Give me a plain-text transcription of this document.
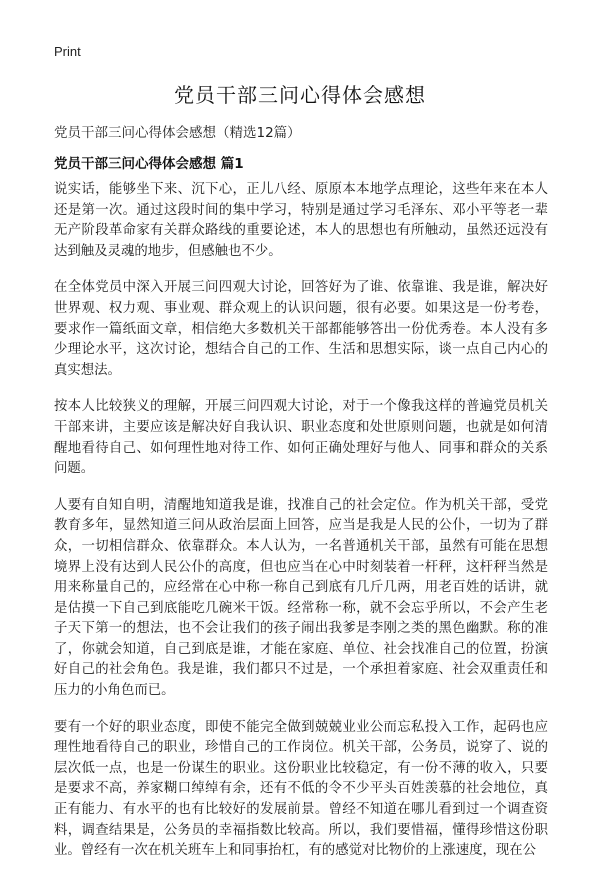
Print
党员干部三问心得体会感想
党员干部三问心得体会感想（精选12篇）
党员干部三问心得体会感想 篇1

说实话，能够坐下来、沉下心，正儿八经、原原本本地学点理论，这些年来在本人还是第一次。通过这段时间的集中学习，特别是通过学习毛泽东、邓小平等老一辈无产阶段革命家有关群众路线的重要论述，本人的思想也有所触动，虽然还远没有达到触及灵魂的地步，但感触也不少。

在全体党员中深入开展三问四观大讨论，回答好为了谁、依靠谁、我是谁，解决好世界观、权力观、事业观、群众观上的认识问题，很有必要。如果这是一份考卷，要求作一篇纸面文章，相信绝大多数机关干部都能够答出一份优秀卷。本人没有多少理论水平，这次讨论，想结合自己的工作、生活和思想实际，谈一点自己内心的真实想法。

按本人比较狭义的理解，开展三问四观大讨论，对于一个像我这样的普遍党员机关干部来讲，主要应该是解决好自我认识、职业态度和处世原则问题，也就是如何清醒地看待自己、如何理性地对待工作、如何正确处理好与他人、同事和群众的关系问题。

人要有自知自明，清醒地知道我是谁，找准自己的社会定位。作为机关干部，受党教育多年，显然知道三问从政治层面上回答，应当是我是人民的公仆，一切为了群众，一切相信群众、依靠群众。本人认为，一名普通机关干部，虽然有可能在思想境界上没有达到人民公仆的高度，但也应当在心中时刻装着一杆秤，这杆秤当然是用来称量自己的，应经常在心中称一称自己到底有几斤几两，用老百姓的话讲，就是估摸一下自己到底能吃几碗米干饭。经常称一称，就不会忘乎所以，不会产生老子天下第一的想法，也不会让我们的孩子闹出我爹是李刚之类的黑色幽默。称的准了，你就会知道，自己到底是谁，才能在家庭、单位、社会找准自己的位置，扮演好自己的社会角色。我是谁，我们都只不过是，一个承担着家庭、社会双重责任和压力的小角色而已。

要有一个好的职业态度，即使不能完全做到兢兢业业公而忘私投入工作，起码也应理性地看待自己的职业，珍惜自己的工作岗位。机关干部，公务员，说穿了、说的层次低一点，也是一份谋生的职业。这份职业比较稳定，有一份不薄的收入，只要是要求不高，养家糊口绰绰有余，还有不低的令不少平头百姓羡慕的社会地位，真正有能力、有水平的也有比较好的发展前景。曾经不知道在哪儿看到过一个调查资料，调查结果是，公务员的幸福指数比较高。所以，我们要惜福，懂得珍惜这份职业。曾经有一次在机关班车上和同事抬杠，有的感觉对比物价的上涨速度，现在公
